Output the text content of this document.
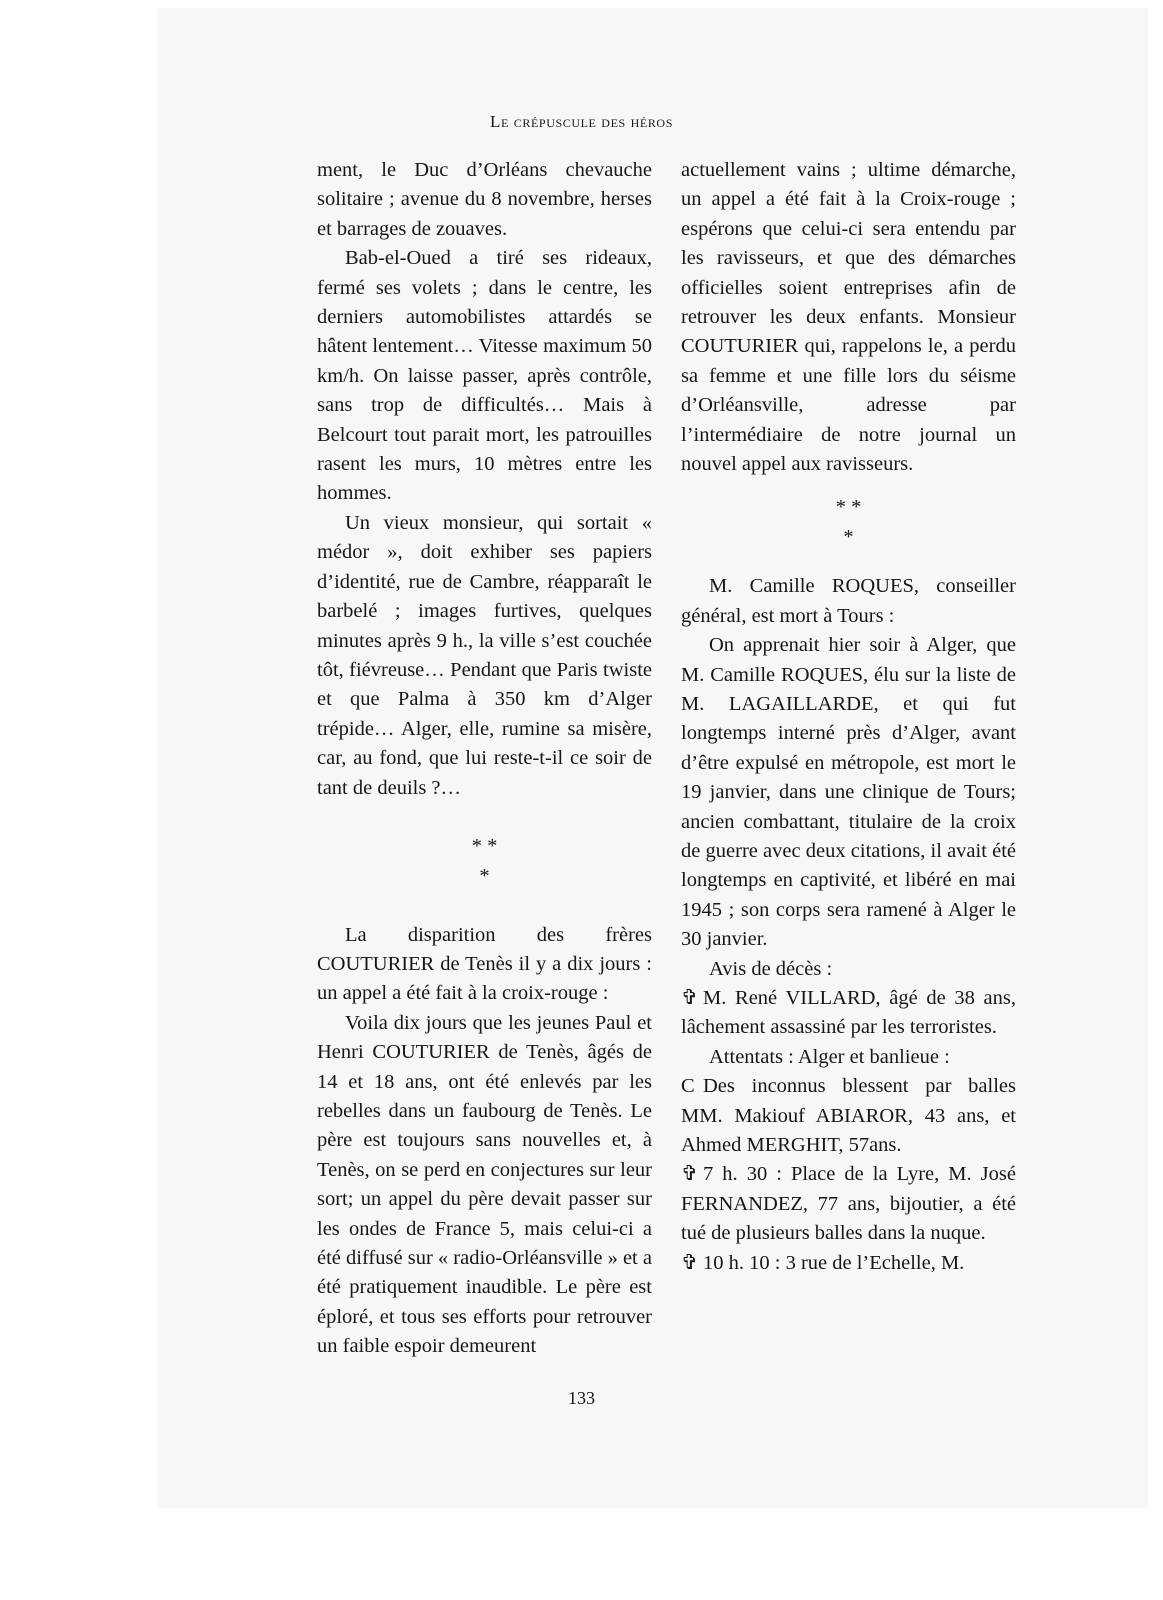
Le crépuscule des héros

ment, le Duc d’Orléans chevauche solitaire ; avenue du 8 novembre, herses et barrages de zouaves.

Bab-el-Oued a tiré ses rideaux, fermé ses volets ; dans le centre, les derniers automobilistes attardés se hâtent lentement… Vitesse maximum 50 km/h. On laisse passer, après contrôle, sans trop de difficultés… Mais à Belcourt tout parait mort, les patrouilles rasent les murs, 10 mètres entre les hommes.

Un vieux monsieur, qui sortait « médor », doit exhiber ses papiers d’identité, rue de Cambre, réapparaît le barbelé ; images furtives, quelques minutes après 9 h., la ville s’est couchée tôt, fiévreuse… Pendant que Paris twiste et que Palma à 350 km d’Alger trépide… Alger, elle, rumine sa misère, car, au fond, que lui reste-t-il ce soir de tant de deuils ?…

* *
*

La disparition des frères COUTURIER de Tenès il y a dix jours : un appel a été fait à la croix-rouge :

Voila dix jours que les jeunes Paul et Henri COUTURIER de Tenès, âgés de 14 et 18 ans, ont été enlevés par les rebelles dans un faubourg de Tenès. Le père est toujours sans nouvelles et, à Tenès, on se perd en conjectures sur leur sort; un appel du père devait passer sur les ondes de France 5, mais celui-ci a été diffusé sur « radio-Orléansville » et a été pratiquement inaudible. Le père est éploré, et tous ses efforts pour retrouver un faible espoir demeurent

actuellement vains ; ultime démarche, un appel a été fait à la Croix-rouge ; espérons que celui-ci sera entendu par les ravisseurs, et que des démarches officielles soient entreprises afin de retrouver les deux enfants. Monsieur COUTURIER qui, rappelons le, a perdu sa femme et une fille lors du séisme d’Orléansville, adresse par l’intermédiaire de notre journal un nouvel appel aux ravisseurs.

* *
*

M. Camille ROQUES, conseiller général, est mort à Tours :

On apprenait hier soir à Alger, que M. Camille ROQUES, élu sur la liste de M. LAGAILLARDE, et qui fut longtemps interné près d’Alger, avant d’être expulsé en métropole, est mort le 19 janvier, dans une clinique de Tours; ancien combattant, titulaire de la croix de guerre avec deux citations, il avait été longtemps en captivité, et libéré en mai 1945 ; son corps sera ramené à Alger le 30 janvier.

Avis de décès :

✞ M. René VILLARD, âgé de 38 ans, lâchement assassiné par les terroristes.

Attentats : Alger et banlieue :

C Des inconnus blessent par balles MM. Makiouf ABIAROR, 43 ans, et Ahmed MERGHIT, 57ans.

✞ 7 h. 30 : Place de la Lyre, M. José FERNANDEZ, 77 ans, bijoutier, a été tué de plusieurs balles dans la nuque.

✞ 10 h. 10 : 3 rue de l’Echelle, M.

133
